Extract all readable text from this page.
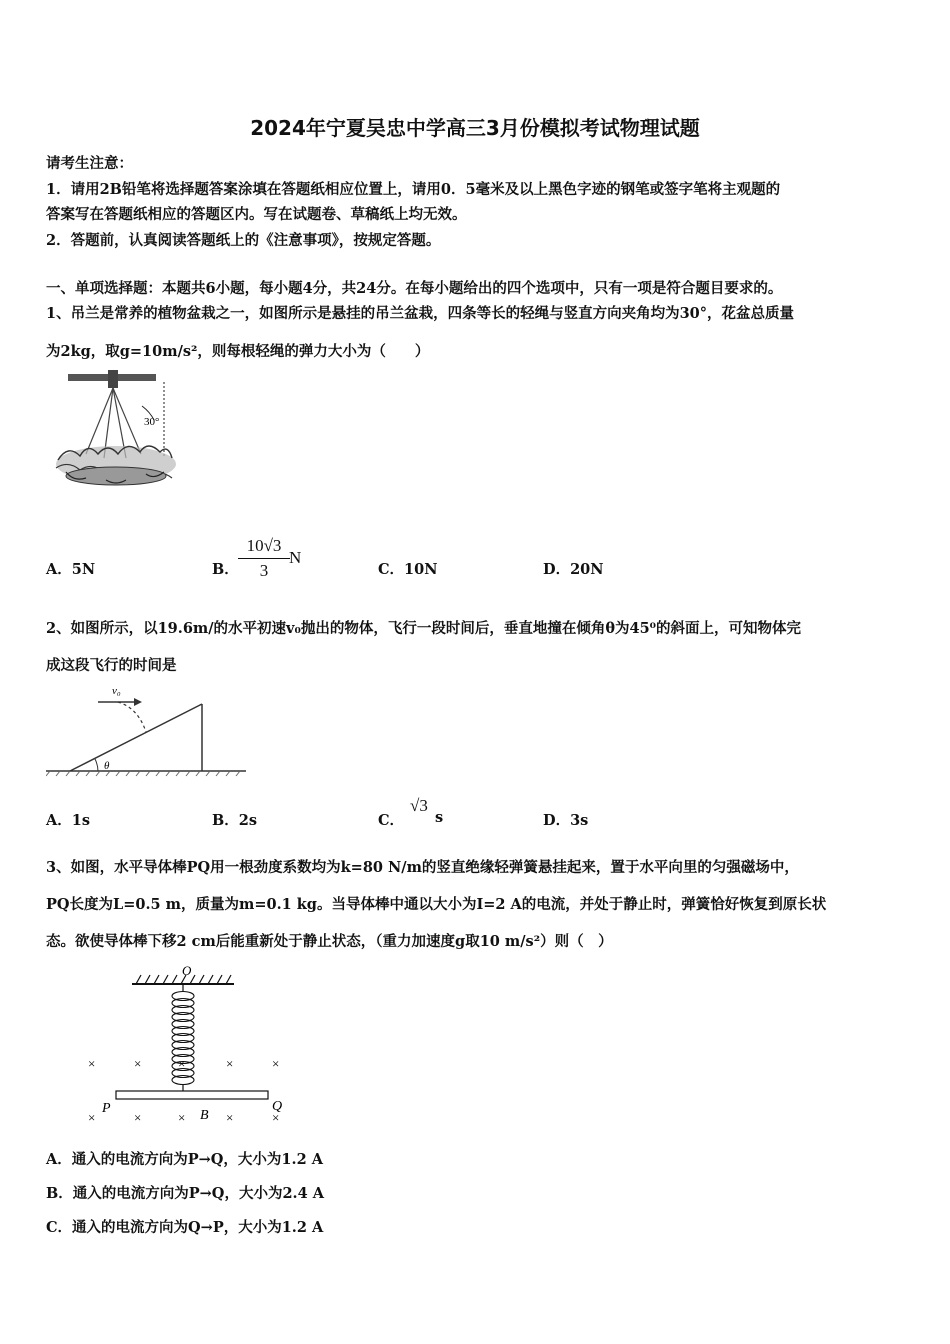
2024年宁夏吴忠中学高三3月份模拟考试物理试题
请考生注意：
1．请用2B铅笔将选择题答案涂填在答题纸相应位置上，请用0．5毫米及以上黑色字迹的钢笔或签字笔将主观题的
答案写在答题纸相应的答题区内。写在试题卷、草稿纸上均无效。
2．答题前，认真阅读答题纸上的《注意事项》，按规定答题。
一、单项选择题：本题共6小题，每小题4分，共24分。在每小题给出的四个选项中，只有一项是符合题目要求的。
1、吊兰是常养的植物盆栽之一，如图所示是悬挂的吊兰盆栽，四条等长的轻绳与竖直方向夹角均为30°，花盆总质量
为2kg，取g=10m/s²，则每根轻绳的弹力大小为（　　）
30°
A．5N	B． $\frac{10√3}{3}$ N
C．10N	D．20N
2、如图所示，以19.6m/的水平初速v₀抛出的物体，飞行一段时间后，垂直地撞在倾角θ为45⁰的斜面上，可知物体完
成这段飞行的时间是
θ
v₀
A．1s	B．2s	C．
√3
s	D．3s
3、如图，水平导体棒PQ用一根劲度系数均为k=80 N/m的竖直绝缘轻弹簧悬挂起来，置于水平向里的匀强磁场中，
PQ长度为L=0.5 m，质量为m=0.1 kg。当导体棒中通以大小为I=2 A的电流，并处于静止时，弹簧恰好恢复到原长状
态。欲使导体棒下移2 cm后能重新处于静止状态，（重力加速度g取10 m/s²）则（　）
O
×	×	×	×	×
×	×	×	×	×
P	Q
B
A．通入的电流方向为P→Q，大小为1.2 A
B．通入的电流方向为P→Q，大小为2.4 A
C．通入的电流方向为Q→P，大小为1.2 A
